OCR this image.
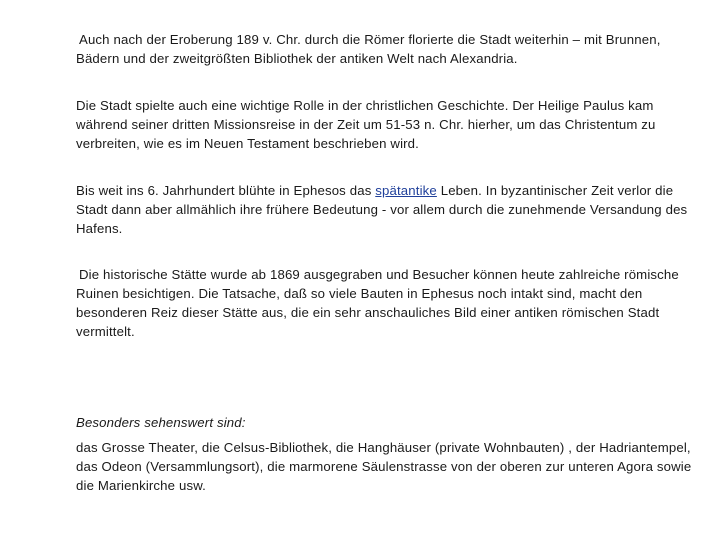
Auch nach der Eroberung 189 v. Chr. durch die Römer florierte die Stadt weiterhin – mit Brunnen, Bädern und der zweitgrößten Bibliothek der antiken Welt nach Alexandria.

Die Stadt spielte auch eine wichtige Rolle in der christlichen Geschichte. Der Heilige Paulus kam während seiner dritten Missionsreise in der Zeit um 51-53 n. Chr. hierher, um das Christentum zu verbreiten, wie es im Neuen Testament beschrieben wird.

Bis weit ins 6. Jahrhundert blühte in Ephesos das spätantike Leben. In byzantinischer Zeit verlor die Stadt dann aber allmählich ihre frühere Bedeutung - vor allem durch die zunehmende Versandung des Hafens.

Die historische Stätte wurde ab 1869 ausgegraben und Besucher können heute zahlreiche römische Ruinen besichtigen. Die Tatsache, daß so viele Bauten in Ephesus noch intakt sind, macht den besonderen Reiz dieser Stätte aus, die ein sehr anschauliches Bild einer antiken römischen Stadt vermittelt.

Besonders sehenswert sind:

das Grosse Theater, die Celsus-Bibliothek, die Hanghäuser (private Wohnbauten) , der Hadriantempel, das Odeon (Versammlungsort), die marmorene Säulenstrasse von der oberen zur unteren Agora sowie die Marienkirche usw.
